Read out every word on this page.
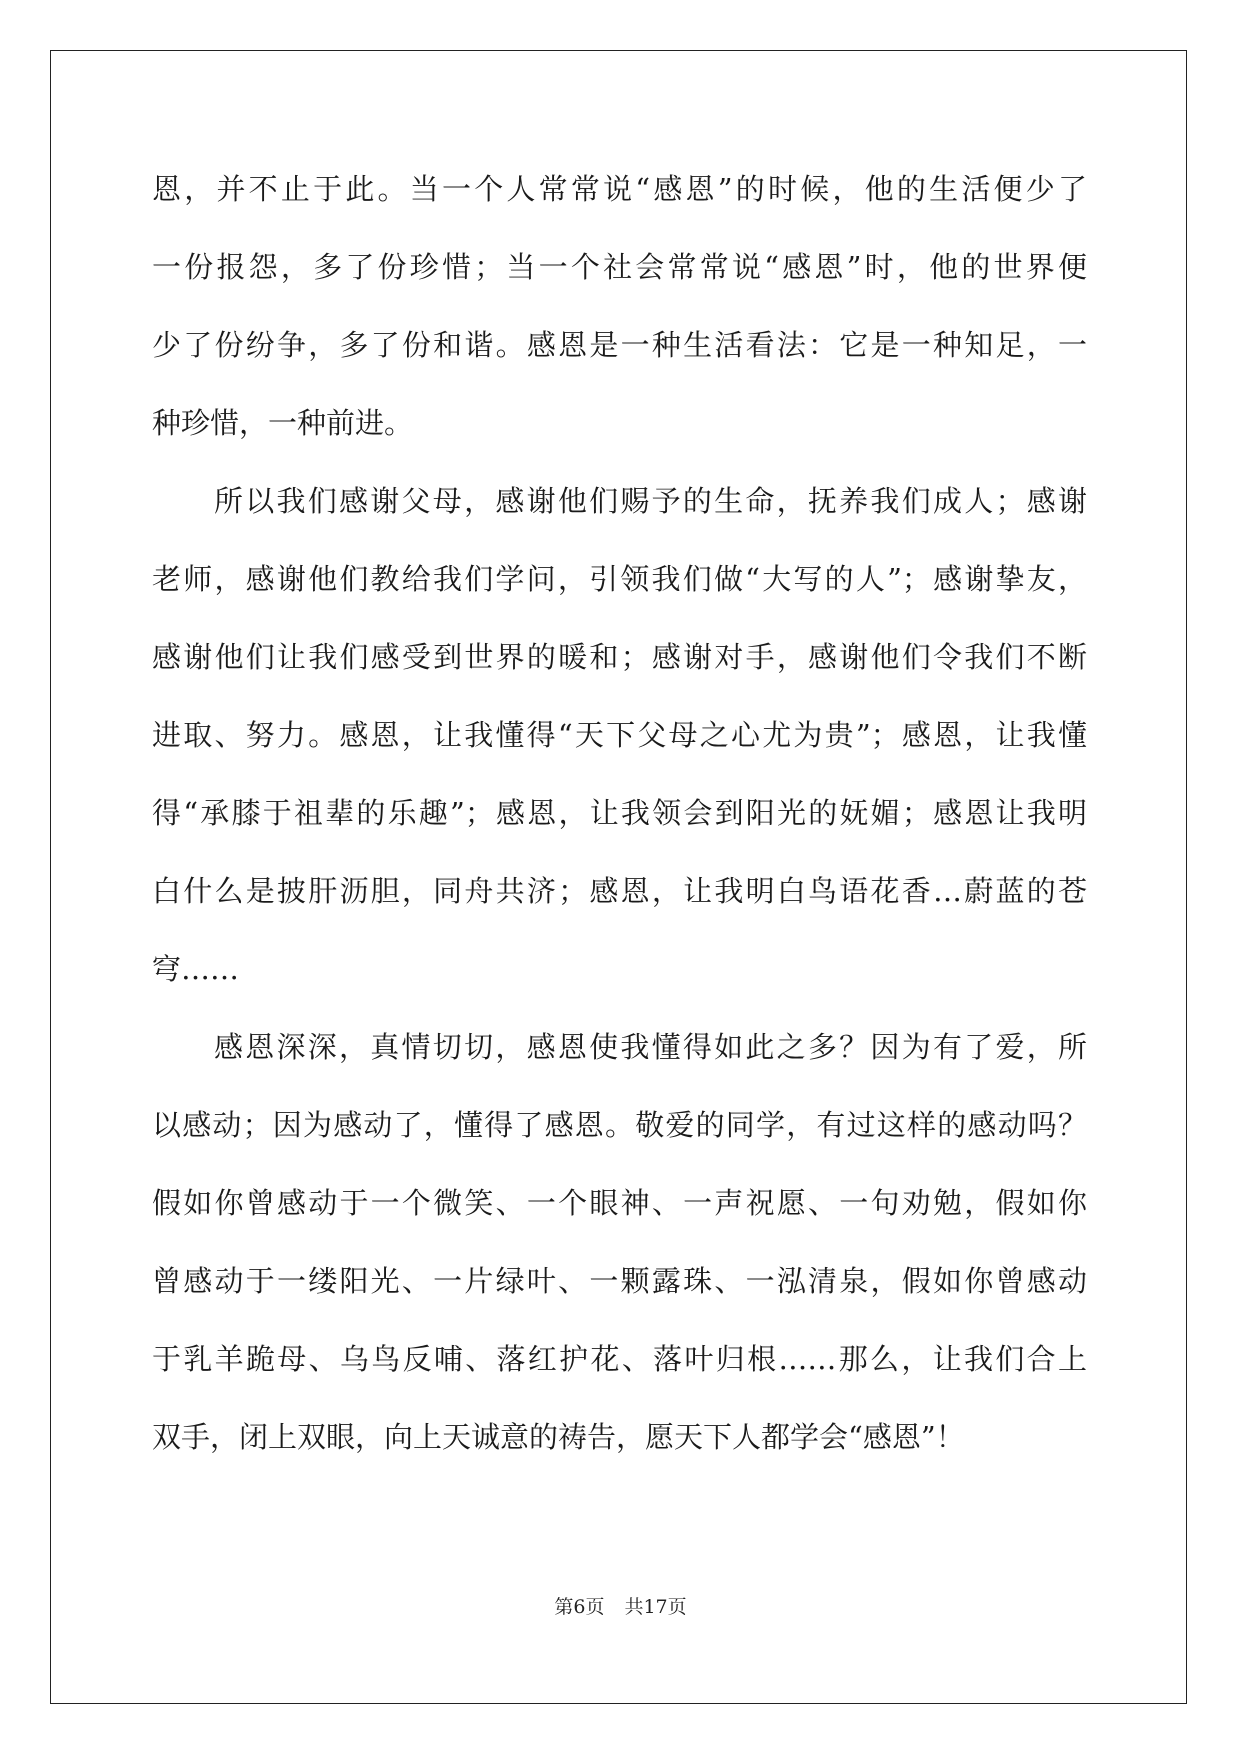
恩，并不止于此。当一个人常常说“感恩”的时候，他的生活便少了
一份报怨，多了份珍惜；当一个社会常常说“感恩”时，他的世界便
少了份纷争，多了份和谐。感恩是一种生活看法：它是一种知足，一
种珍惜，一种前进。
所以我们感谢父母，感谢他们赐予的生命，抚养我们成人；感谢
老师，感谢他们教给我们学问，引领我们做“大写的人”；感谢挚友，
感谢他们让我们感受到世界的暖和；感谢对手，感谢他们令我们不断
进取、努力。感恩，让我懂得“天下父母之心尤为贵”；感恩，让我懂
得“承膝于祖辈的乐趣”；感恩，让我领会到阳光的妩媚；感恩让我明
白什么是披肝沥胆，同舟共济；感恩，让我明白鸟语花香…蔚蓝的苍
穹……
感恩深深，真情切切，感恩使我懂得如此之多？因为有了爱，所
以感动；因为感动了，懂得了感恩。敬爱的同学，有过这样的感动吗？
假如你曾感动于一个微笑、一个眼神、一声祝愿、一句劝勉，假如你
曾感动于一缕阳光、一片绿叶、一颗露珠、一泓清泉，假如你曾感动
于乳羊跪母、乌鸟反哺、落红护花、落叶归根……那么，让我们合上
双手，闭上双眼，向上天诚意的祷告，愿天下人都学会“感恩”！
第6页 共17页
